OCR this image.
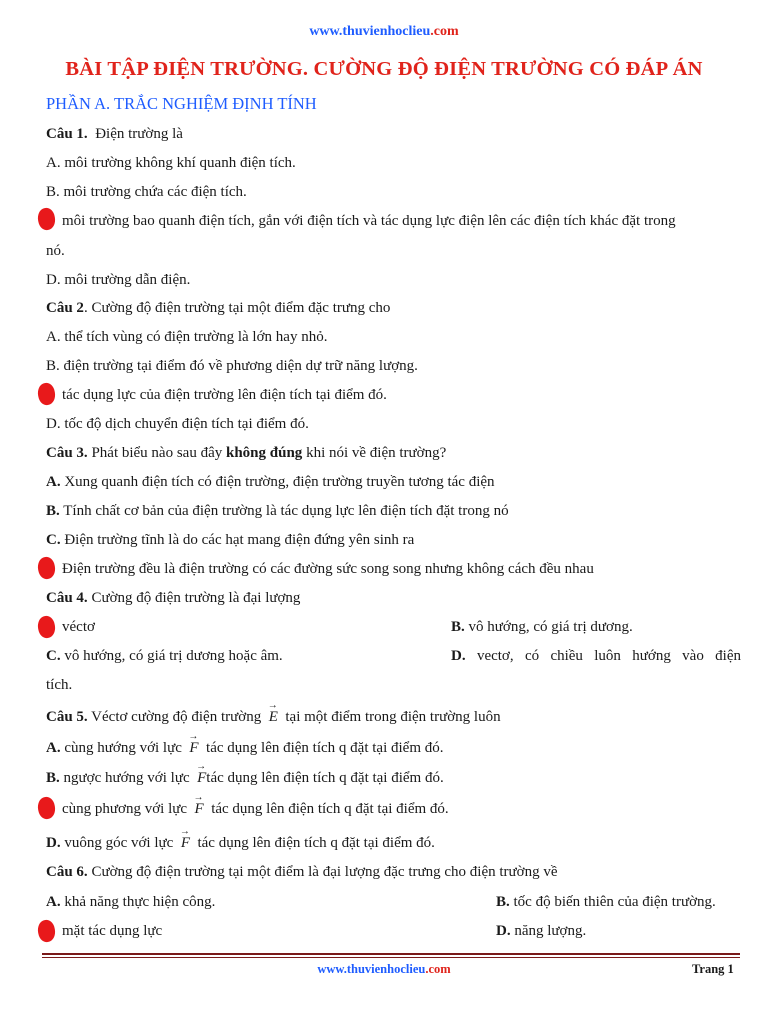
www.thuvienhoclieu.com
BÀI TẬP ĐIỆN TRƯỜNG. CƯỜNG ĐỘ ĐIỆN TRƯỜNG CÓ ĐÁP ÁN
PHẦN A. TRẮC NGHIỆM ĐỊNH TÍNH
Câu 1. Điện trường là
A. môi trường không khí quanh điện tích.
B. môi trường chứa các điện tích.
môi trường bao quanh điện tích, gắn với điện tích và tác dụng lực điện lên các điện tích khác đặt trong
nó.
D. môi trường dẫn điện.
Câu 2. Cường độ điện trường tại một điểm đặc trưng cho
A. thể tích vùng có điện trường là lớn hay nhỏ.
B. điện trường tại điểm đó về phương diện dự trữ năng lượng.
tác dụng lực của điện trường lên điện tích tại điểm đó.
D. tốc độ dịch chuyển điện tích tại điểm đó.
Câu 3. Phát biểu nào sau đây không đúng khi nói về điện trường?
A. Xung quanh điện tích có điện trường, điện trường truyền tương tác điện
B. Tính chất cơ bản của điện trường là tác dụng lực lên điện tích đặt trong nó
C. Điện trường tĩnh là do các hạt mang điện đứng yên sinh ra
Điện trường đều là điện trường có các đường sức song song nhưng không cách đều nhau
Câu 4. Cường độ điện trường là đại lượng
véctơ	B. vô hướng, có giá trị dương.
C. vô hướng, có giá trị dương hoặc âm.	D. vectơ, có chiều luôn hướng vào điện
tích.
Câu 5. Véctơ cường độ điện trường → E tại một điểm trong điện trường luôn
A. cùng hướng với lực → F tác dụng lên điện tích q đặt tại điểm đó.
B. ngược hướng với lực → Ftác dụng lên điện tích q đặt tại điểm đó.
cùng phương với lực → F tác dụng lên điện tích q đặt tại điểm đó.
D. vuông góc với lực → F tác dụng lên điện tích q đặt tại điểm đó.
Câu 6. Cường độ điện trường tại một điểm là đại lượng đặc trưng cho điện trường về
A. khả năng thực hiện công.	B. tốc độ biến thiên của điện trường.
mặt tác dụng lực	D. năng lượng.
www.thuvienhoclieu.com	Trang 1
